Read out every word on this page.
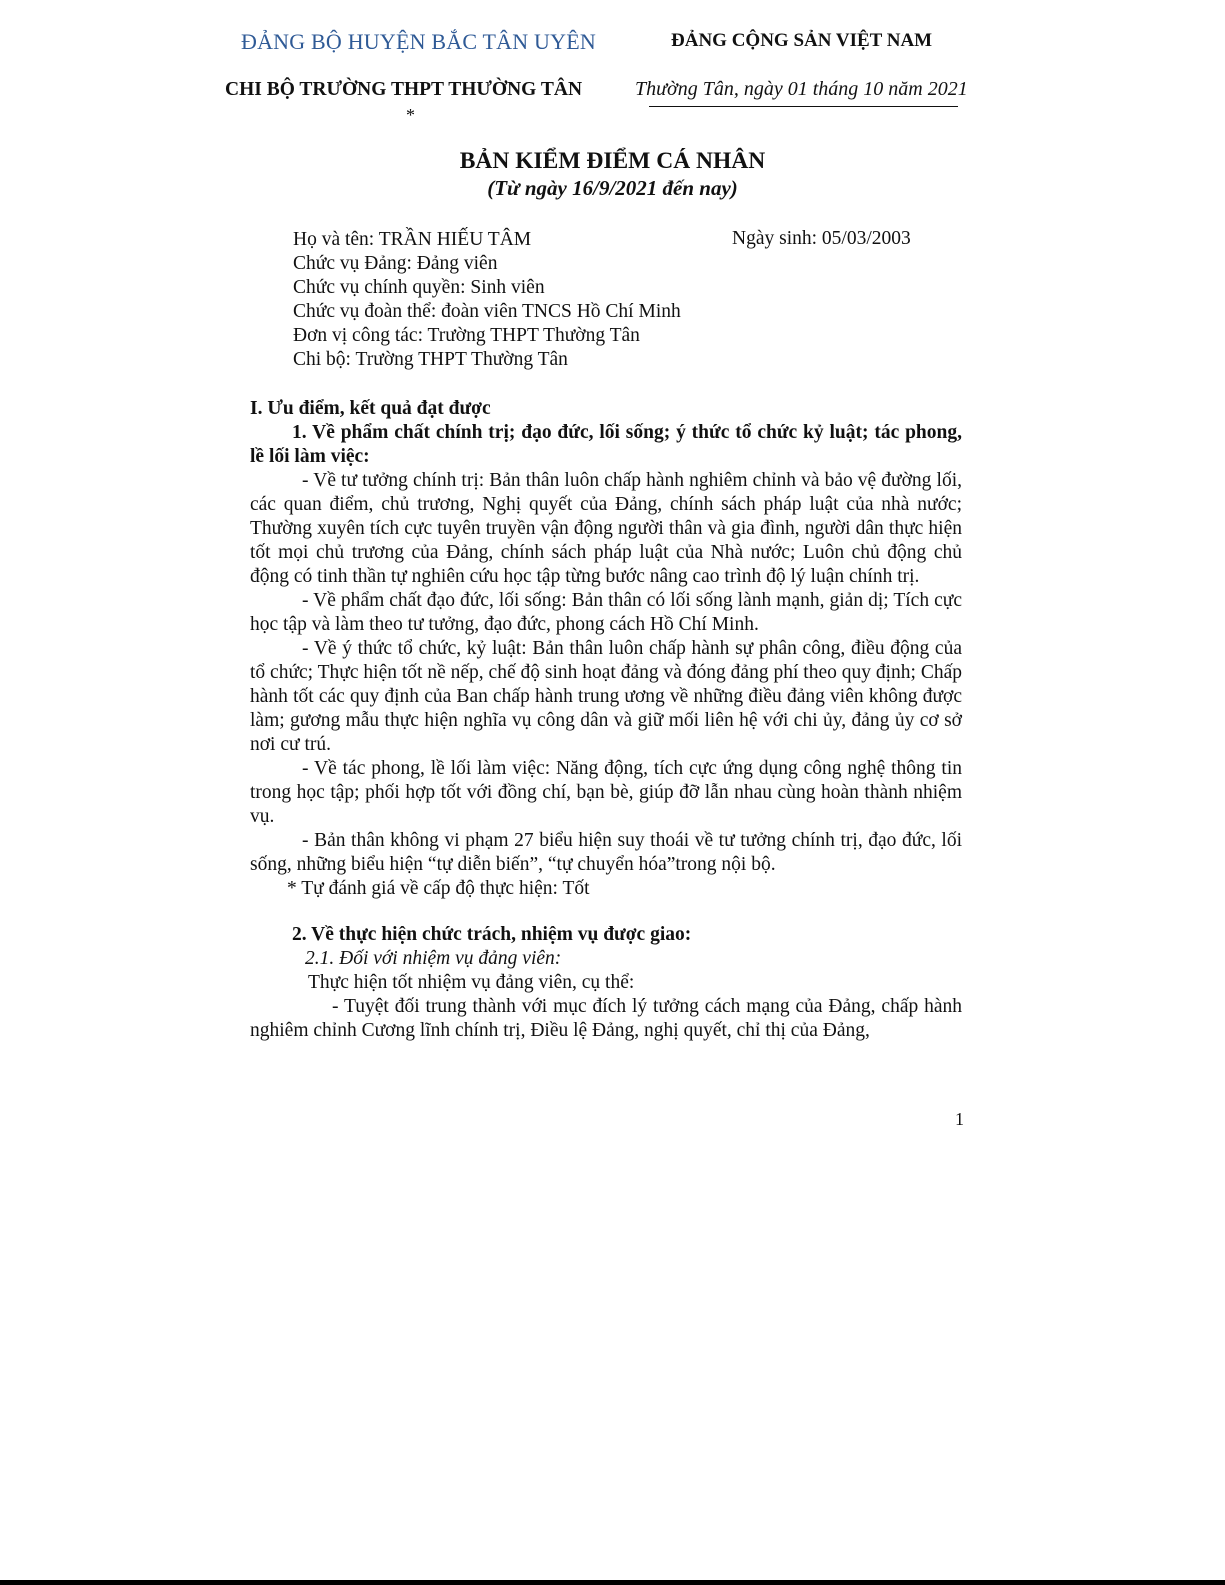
ĐẢNG BỘ HUYỆN BẮC TÂN UYÊN	ĐẢNG CỘNG SẢN VIỆT NAM
CHI BỘ TRƯỜNG THPT THƯỜNG TÂN	Thường Tân, ngày 01 tháng 10 năm 2021
*
BẢN KIỂM ĐIỂM CÁ NHÂN
(Từ ngày 16/9/2021 đến nay)
Họ và tên: TRẦN HIẾU TÂM
Chức vụ Đảng: Đảng viên
Chức vụ chính quyền: Sinh viên
Chức vụ đoàn thể: đoàn viên TNCS Hồ Chí Minh
Đơn vị công tác: Trường THPT Thường Tân
Chi bộ: Trường THPT Thường Tân
Ngày sinh: 05/03/2003

I. Ưu điểm, kết quả đạt được

1. Về phẩm chất chính trị; đạo đức, lối sống; ý thức tổ chức kỷ luật; tác phong, lề lối làm việc:

- Về tư tưởng chính trị: Bản thân luôn chấp hành nghiêm chỉnh và bảo vệ đường lối, các quan điểm, chủ trương, Nghị quyết của Đảng, chính sách pháp luật của nhà nước; Thường xuyên tích cực tuyên truyền vận động người thân và gia đình, người dân thực hiện tốt mọi chủ trương của Đảng, chính sách pháp luật của Nhà nước; Luôn chủ động chủ động có tinh thần tự nghiên cứu học tập từng bước nâng cao trình độ lý luận chính trị.

- Về phẩm chất đạo đức, lối sống: Bản thân có lối sống lành mạnh, giản dị; Tích cực học tập và làm theo tư tưởng, đạo đức, phong cách Hồ Chí Minh.

- Về ý thức tổ chức, kỷ luật: Bản thân luôn chấp hành sự phân công, điều động của tổ chức; Thực hiện tốt nề nếp, chế độ sinh hoạt đảng và đóng đảng phí theo quy định; Chấp hành tốt các quy định của Ban chấp hành trung ương về những điều đảng viên không được làm; gương mẫu thực hiện nghĩa vụ công dân và giữ mối liên hệ với chi ủy, đảng ủy cơ sở nơi cư trú.

- Về tác phong, lề lối làm việc: Năng động, tích cực ứng dụng công nghệ thông tin trong học tập; phối hợp tốt với đồng chí, bạn bè, giúp đỡ lẫn nhau cùng hoàn thành nhiệm vụ.

- Bản thân không vi phạm 27 biểu hiện suy thoái về tư tưởng chính trị, đạo đức, lối sống, những biểu hiện “tự diễn biến”, “tự chuyển hóa”trong nội bộ.

* Tự đánh giá về cấp độ thực hiện: Tốt

2. Về thực hiện chức trách, nhiệm vụ được giao:

2.1. Đối với nhiệm vụ đảng viên:

Thực hiện tốt nhiệm vụ đảng viên, cụ thể:

- Tuyệt đối trung thành với mục đích lý tưởng cách mạng của Đảng, chấp hành nghiêm chỉnh Cương lĩnh chính trị, Điều lệ Đảng, nghị quyết, chỉ thị của Đảng,

1
